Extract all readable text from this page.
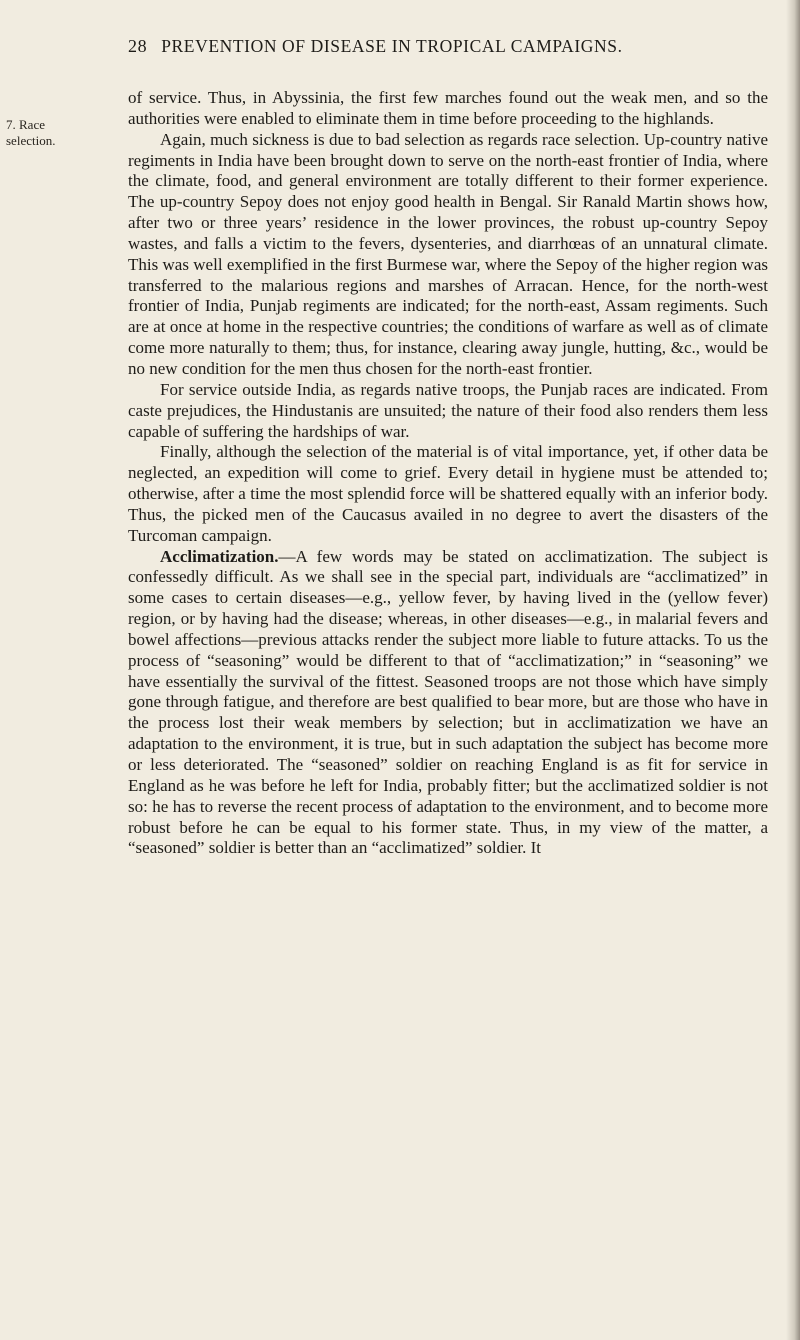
28 PREVENTION OF DISEASE IN TROPICAL CAMPAIGNS.
7. Race selection.

of service. Thus, in Abyssinia, the first few marches found out the weak men, and so the authorities were enabled to eliminate them in time before proceeding to the highlands.

Again, much sickness is due to bad selection as regards race selection. Up-country native regiments in India have been brought down to serve on the north-east frontier of India, where the climate, food, and general environment are totally different to their former experience. The up-country Sepoy does not enjoy good health in Bengal. Sir Ranald Martin shows how, after two or three years’ residence in the lower provinces, the robust up-country Sepoy wastes, and falls a victim to the fevers, dysenteries, and diarrhœas of an unnatural climate. This was well exemplified in the first Burmese war, where the Sepoy of the higher region was transferred to the malarious regions and marshes of Arracan. Hence, for the north-west frontier of India, Punjab regiments are indicated; for the north-east, Assam regiments. Such are at once at home in the respective countries; the conditions of warfare as well as of climate come more naturally to them; thus, for instance, clearing away jungle, hutting, &c., would be no new condition for the men thus chosen for the north-east frontier.

For service outside India, as regards native troops, the Punjab races are indicated. From caste prejudices, the Hindustanis are unsuited; the nature of their food also renders them less capable of suffering the hardships of war.

Finally, although the selection of the material is of vital importance, yet, if other data be neglected, an expedition will come to grief. Every detail in hygiene must be attended to; otherwise, after a time the most splendid force will be shattered equally with an inferior body. Thus, the picked men of the Caucasus availed in no degree to avert the disasters of the Turcoman campaign.

Acclimatization.—A few words may be stated on acclimatization. The subject is confessedly difficult. As we shall see in the special part, individuals are “acclimatized” in some cases to certain diseases—e.g., yellow fever, by having lived in the (yellow fever) region, or by having had the disease; whereas, in other diseases—e.g., in malarial fevers and bowel affections—previous attacks render the subject more liable to future attacks. To us the process of “seasoning” would be different to that of “acclimatization;” in “seasoning” we have essentially the survival of the fittest. Seasoned troops are not those which have simply gone through fatigue, and therefore are best qualified to bear more, but are those who have in the process lost their weak members by selection; but in acclimatization we have an adaptation to the environment, it is true, but in such adaptation the subject has become more or less deteriorated. The “seasoned” soldier on reaching England is as fit for service in England as he was before he left for India, probably fitter; but the acclimatized soldier is not so: he has to reverse the recent process of adaptation to the environment, and to become more robust before he can be equal to his former state. Thus, in my view of the matter, a “seasoned” soldier is better than an “acclimatized” soldier. It
